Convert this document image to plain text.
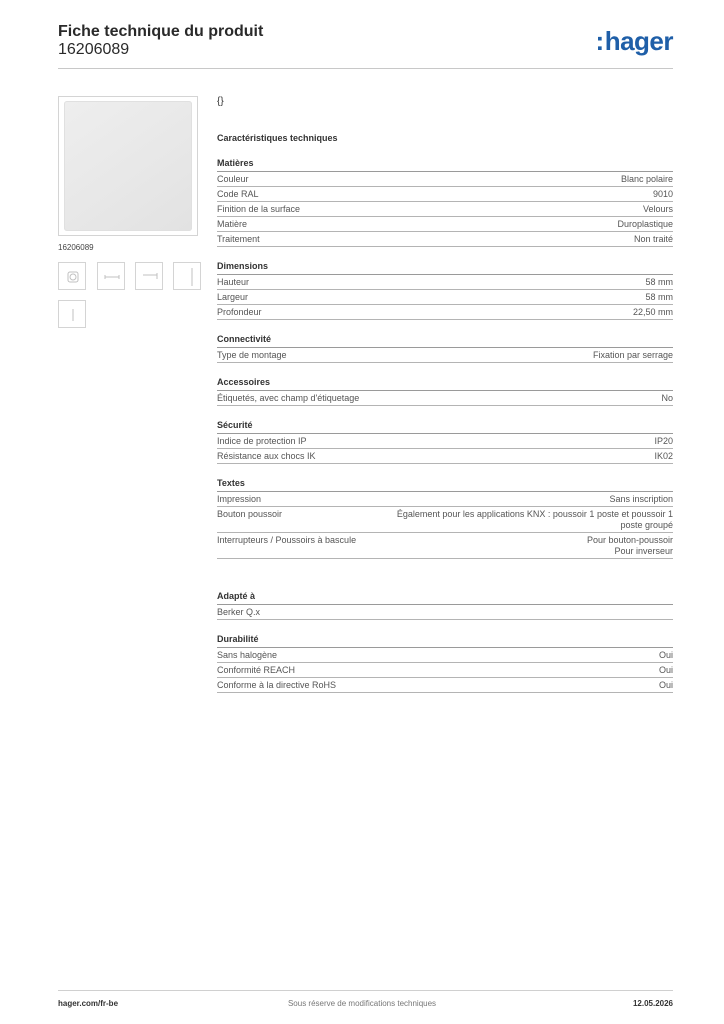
Fiche technique du produit
16206089	:hager
16206089
{}
Caractéristiques techniques
Matières
Couleur	Blanc polaire
Code RAL	9010
Finition de la surface	Velours
Matière	Duroplastique
Traitement	Non traité
Dimensions
Hauteur	58 mm
Largeur	58 mm
Profondeur	22,50 mm
Connectivité
Type de montage	Fixation par serrage
Accessoires
Étiquetés, avec champ d'étiquetage	No
Sécurité
Indice de protection IP	IP20
Résistance aux chocs IK	IK02
Textes
Impression	Sans inscription
Bouton poussoir	Également pour les applications KNX : poussoir 1 poste et poussoir 1
poste groupé
Interrupteurs / Poussoirs à bascule	Pour bouton-poussoir
Pour inverseur
Adapté à
Berker Q.x
Durabilité
Sans halogène	Oui
Conformité REACH	Oui
Conforme à la directive RoHS	Oui
hager.com/fr-be	Sous réserve de modifications techniques	12.05.2026
